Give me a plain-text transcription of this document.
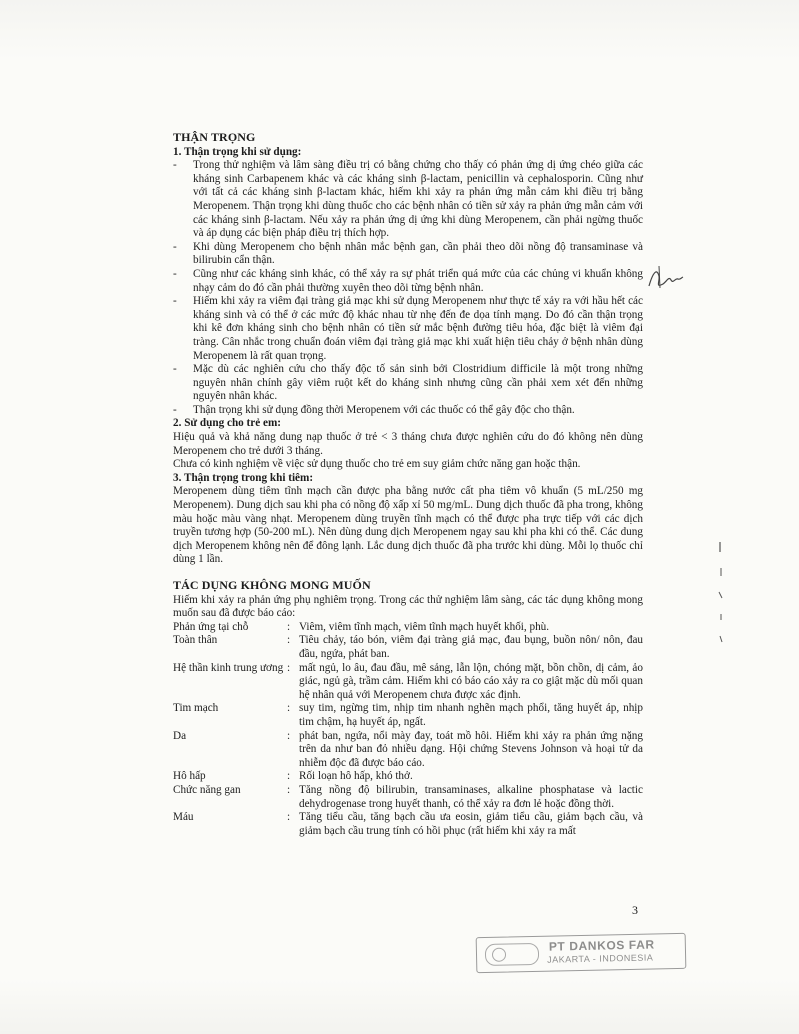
THẬN TRỌNG
1. Thận trọng khi sử dụng:
-	Trong thử nghiệm và lâm sàng điều trị có bằng chứng cho thấy có phản ứng dị ứng chéo giữa các kháng sinh Carbapenem khác và các kháng sinh β-lactam, penicillin và cephalosporin. Cũng như với tất cả các kháng sinh β-lactam khác, hiếm khi xảy ra phản ứng mẫn cảm khi điều trị bằng Meropenem. Thận trọng khi dùng thuốc cho các bệnh nhân có tiền sử xảy ra phản ứng mẫn cảm với các kháng sinh β-lactam. Nếu xảy ra phản ứng dị ứng khi dùng Meropenem, cần phải ngừng thuốc và áp dụng các biện pháp điều trị thích hợp.
-	Khi dùng Meropenem cho bệnh nhân mắc bệnh gan, cần phải theo dõi nồng độ transaminase và bilirubin cẩn thận.
-	Cũng như các kháng sinh khác, có thể xảy ra sự phát triển quá mức của các chủng vi khuẩn không nhạy cảm do đó cần phải thường xuyên theo dõi từng bệnh nhân.
-	Hiếm khi xảy ra viêm đại tràng giả mạc khi sử dụng Meropenem như thực tế xảy ra với hầu hết các kháng sinh và có thể ở các mức độ khác nhau từ nhẹ đến đe dọa tính mạng. Do đó cần thận trọng khi kê đơn kháng sinh cho bệnh nhân có tiền sử mắc bệnh đường tiêu hóa, đặc biệt là viêm đại tràng. Cân nhắc trong chuẩn đoán viêm đại tràng giả mạc khi xuất hiện tiêu chảy ở bệnh nhân dùng Meropenem là rất quan trọng.
-	Mặc dù các nghiên cứu cho thấy độc tố sản sinh bởi Clostridium difficile là một trong những nguyên nhân chính gây viêm ruột kết do kháng sinh nhưng cũng cần phải xem xét đến những nguyên nhân khác.
-	Thận trọng khi sử dụng đồng thời Meropenem với các thuốc có thể gây độc cho thận.
2. Sử dụng cho trẻ em:

Hiệu quả và khả năng dung nạp thuốc ở trẻ < 3 tháng chưa được nghiên cứu do đó không nên dùng Meropenem cho trẻ dưới 3 tháng.

Chưa có kinh nghiệm về việc sử dụng thuốc cho trẻ em suy giảm chức năng gan hoặc thận.

3. Thận trọng trong khi tiêm:

Meropenem dùng tiêm tĩnh mạch cần được pha bằng nước cất pha tiêm vô khuẩn (5 mL/250 mg Meropenem). Dung dịch sau khi pha có nồng độ xấp xỉ 50 mg/mL. Dung dịch thuốc đã pha trong, không màu hoặc màu vàng nhạt. Meropenem dùng truyền tĩnh mạch có thể được pha trực tiếp với các dịch truyền tương hợp (50-200 mL). Nên dùng dung dịch Meropenem ngay sau khi pha khi có thể. Các dung dịch Meropenem không nên để đông lạnh. Lắc dung dịch thuốc đã pha trước khi dùng. Mỗi lọ thuốc chỉ dùng 1 lần.

TÁC DỤNG KHÔNG MONG MUỐN

Hiếm khi xảy ra phản ứng phụ nghiêm trọng. Trong các thử nghiệm lâm sàng, các tác dụng không mong muốn sau đã được báo cáo:

Phản ứng tại chỗ	: Viêm, viêm tĩnh mạch, viêm tĩnh mạch huyết khối, phù.
Toàn thân	: Tiêu chảy, táo bón, viêm đại tràng giả mạc, đau bụng, buồn nôn/ nôn, đau đầu, ngứa, phát ban.
Hệ thần kinh trung ương : mất ngủ, lo âu, đau đầu, mê sảng, lẫn lộn, chóng mặt, bồn chồn, dị cảm, ảo giác, ngủ gà, trầm cảm. Hiếm khi có báo cáo xảy ra co giật mặc dù mối quan hệ nhân quả với Meropenem chưa được xác định.
Tim mạch	: suy tim, ngừng tim, nhịp tim nhanh nghẽn mạch phổi, tăng huyết áp, nhịp tim chậm, hạ huyết áp, ngất.
Da	: phát ban, ngứa, nổi mày đay, toát mồ hôi. Hiếm khi xảy ra phản ứng nặng trên da như ban đỏ nhiều dạng. Hội chứng Stevens Johnson và hoại tử da nhiễm độc đã được báo cáo.
Hô hấp	: Rối loạn hô hấp, khó thở.
Chức năng gan	: Tăng nồng độ bilirubin, transaminases, alkaline phosphatase và lactic dehydrogenase trong huyết thanh, có thể xảy ra đơn lẻ hoặc đồng thời.
Máu	: Tăng tiểu cầu, tăng bạch cầu ưa eosin, giảm tiểu cầu, giảm bạch cầu, và giảm bạch cầu trung tính có hồi phục (rất hiếm khi xảy ra mất
3
PT DANKOS FAR
JAKARTA - INDONESIA
